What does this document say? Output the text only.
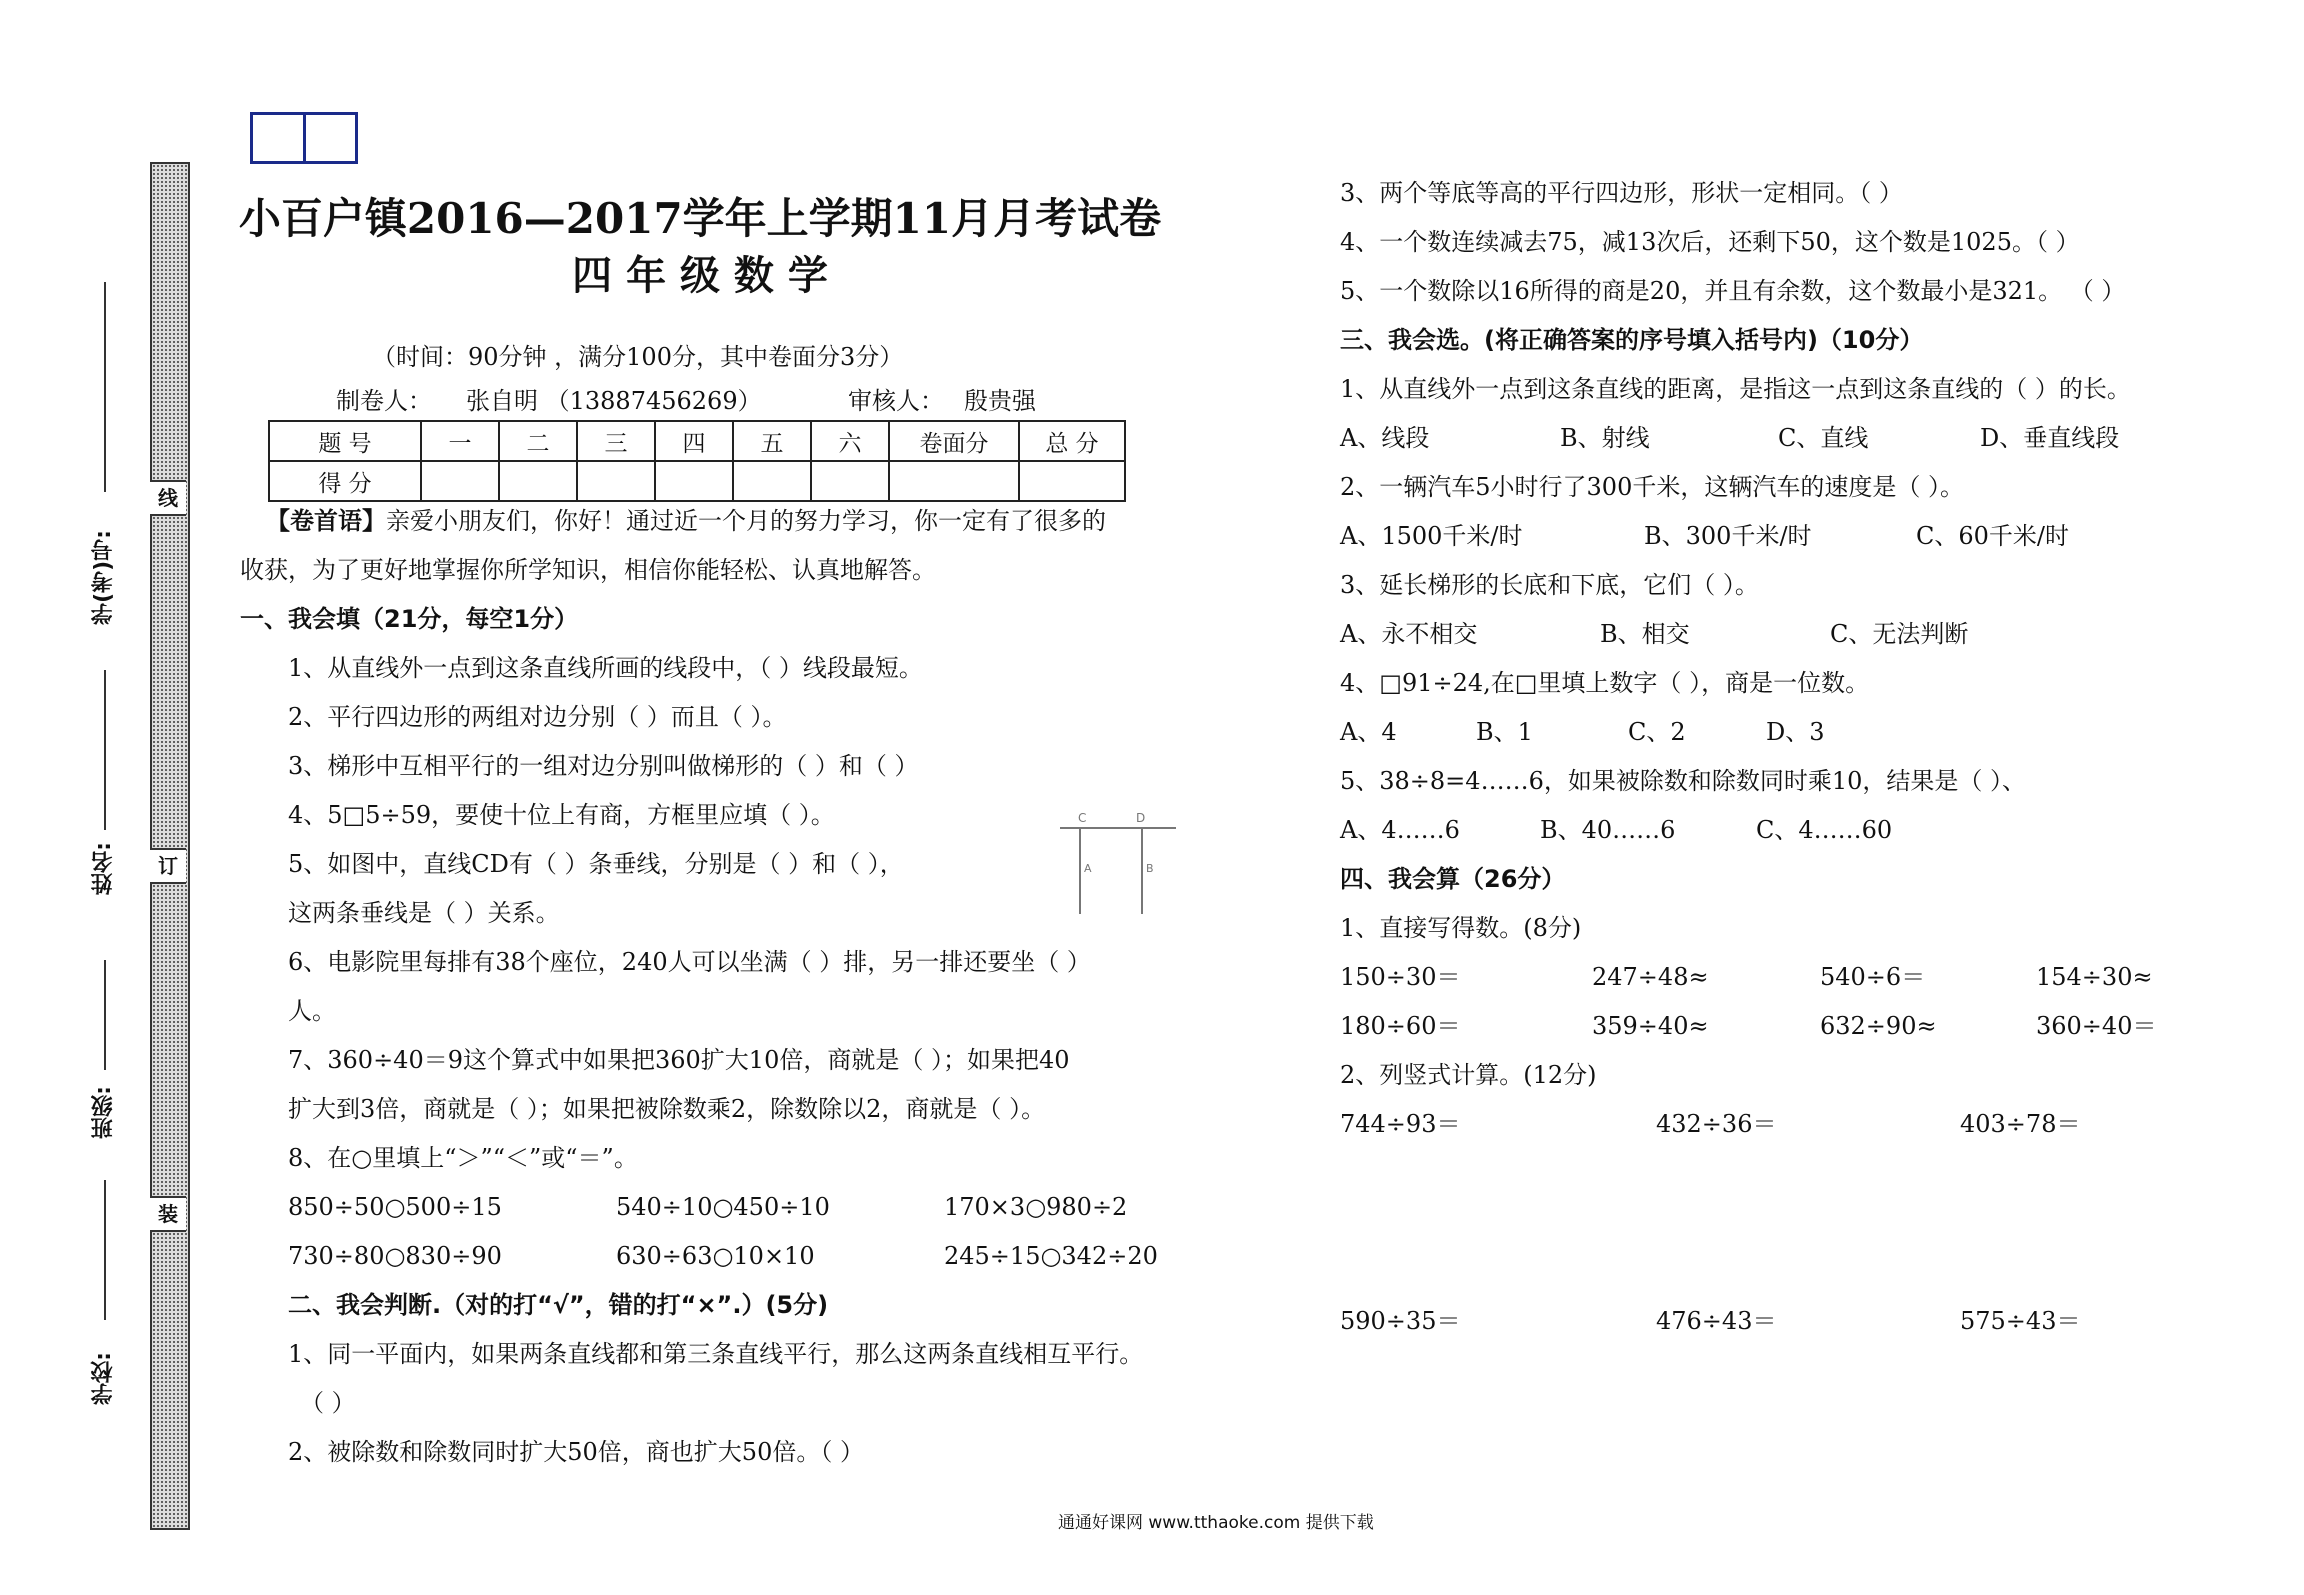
线
订
装
学(考)号:
姓名:
班级:
学校:
小百户镇2016—2017学年上学期11月月考试卷
四 年 级 数 学
（时间：90分钟 ，满分100分，其中卷面分3分）
制卷人： 张自明 （13887456269）	审核人： 殷贵强
题 号	一	二	三	四	五	六	卷面分	总 分
得 分								
【卷首语】亲爱小朋友们，你好！通过近一个月的努力学习，你一定有了很多的
收获，为了更好地掌握你所学知识，相信你能轻松、认真地解答。
一、我会填（21分，每空1分）
1、从直线外一点到这条直线所画的线段中，（ ）线段最短。
2、平行四边形的两组对边分别（ ）而且（ ）。
3、梯形中互相平行的一组对边分别叫做梯形的（ ）和（ ）
4、5□5÷59，要使十位上有商，方框里应填（ ）。
5、如图中，直线CD有（ ）条垂线，分别是（ ）和（ ），
这两条垂线是（ ）关系。
6、电影院里每排有38个座位，240人可以坐满（ ）排，另一排还要坐（ ）
人。
7、360÷40＝9这个算式中如果把360扩大10倍，商就是（ ）；如果把40
扩大到3倍，商就是（ ）；如果把被除数乘2，除数除以2，商就是（ ）。
8、在○里填上“＞”“＜”或“＝”。
850÷50○500÷15	540÷10○450÷10	170×3○980÷2
730÷80○830÷90	630÷63○10×10	245÷15○342÷20
C	D
A	B
二、我会判断.（对的打“√”，错的打“×”.）(5分)
1、同一平面内，如果两条直线都和第三条直线平行，那么这两条直线相互平行。
（ ）
2、被除数和除数同时扩大50倍，商也扩大50倍。（ ）
3、两个等底等高的平行四边形，形状一定相同。（ ）
4、一个数连续减去75，减13次后，还剩下50，这个数是1025。（ ）
5、一个数除以16所得的商是20，并且有余数，这个数最小是321。 （ ）
三、我会选。(将正确答案的序号填入括号内)（10分）
1、从直线外一点到这条直线的距离，是指这一点到这条直线的（ ）的长。
A、线段	B、射线	C、直线	D、垂直线段
2、一辆汽车5小时行了300千米，这辆汽车的速度是（ ）。
A、1500千米/时	B、300千米/时	C、60千米/时
3、延长梯形的长底和下底，它们（ ）。
A、永不相交	B、相交	C、无法判断
4、□91÷24,在□里填上数字（ ），商是一位数。
A、4	B、1	C、2	D、3
5、38÷8=4……6，如果被除数和除数同时乘10，结果是（ ）、
A、4……6	B、40……6	C、4……60
四、我会算（26分）
1、直接写得数。(8分)
150÷30＝	247÷48≈	540÷6＝	154÷30≈
180÷60＝	359÷40≈	632÷90≈	360÷40＝
2、列竖式计算。(12分)
744÷93＝	432÷36＝	403÷78＝
590÷35＝	476÷43＝	575÷43＝
通通好课网 www.tthaoke.com 提供下载
